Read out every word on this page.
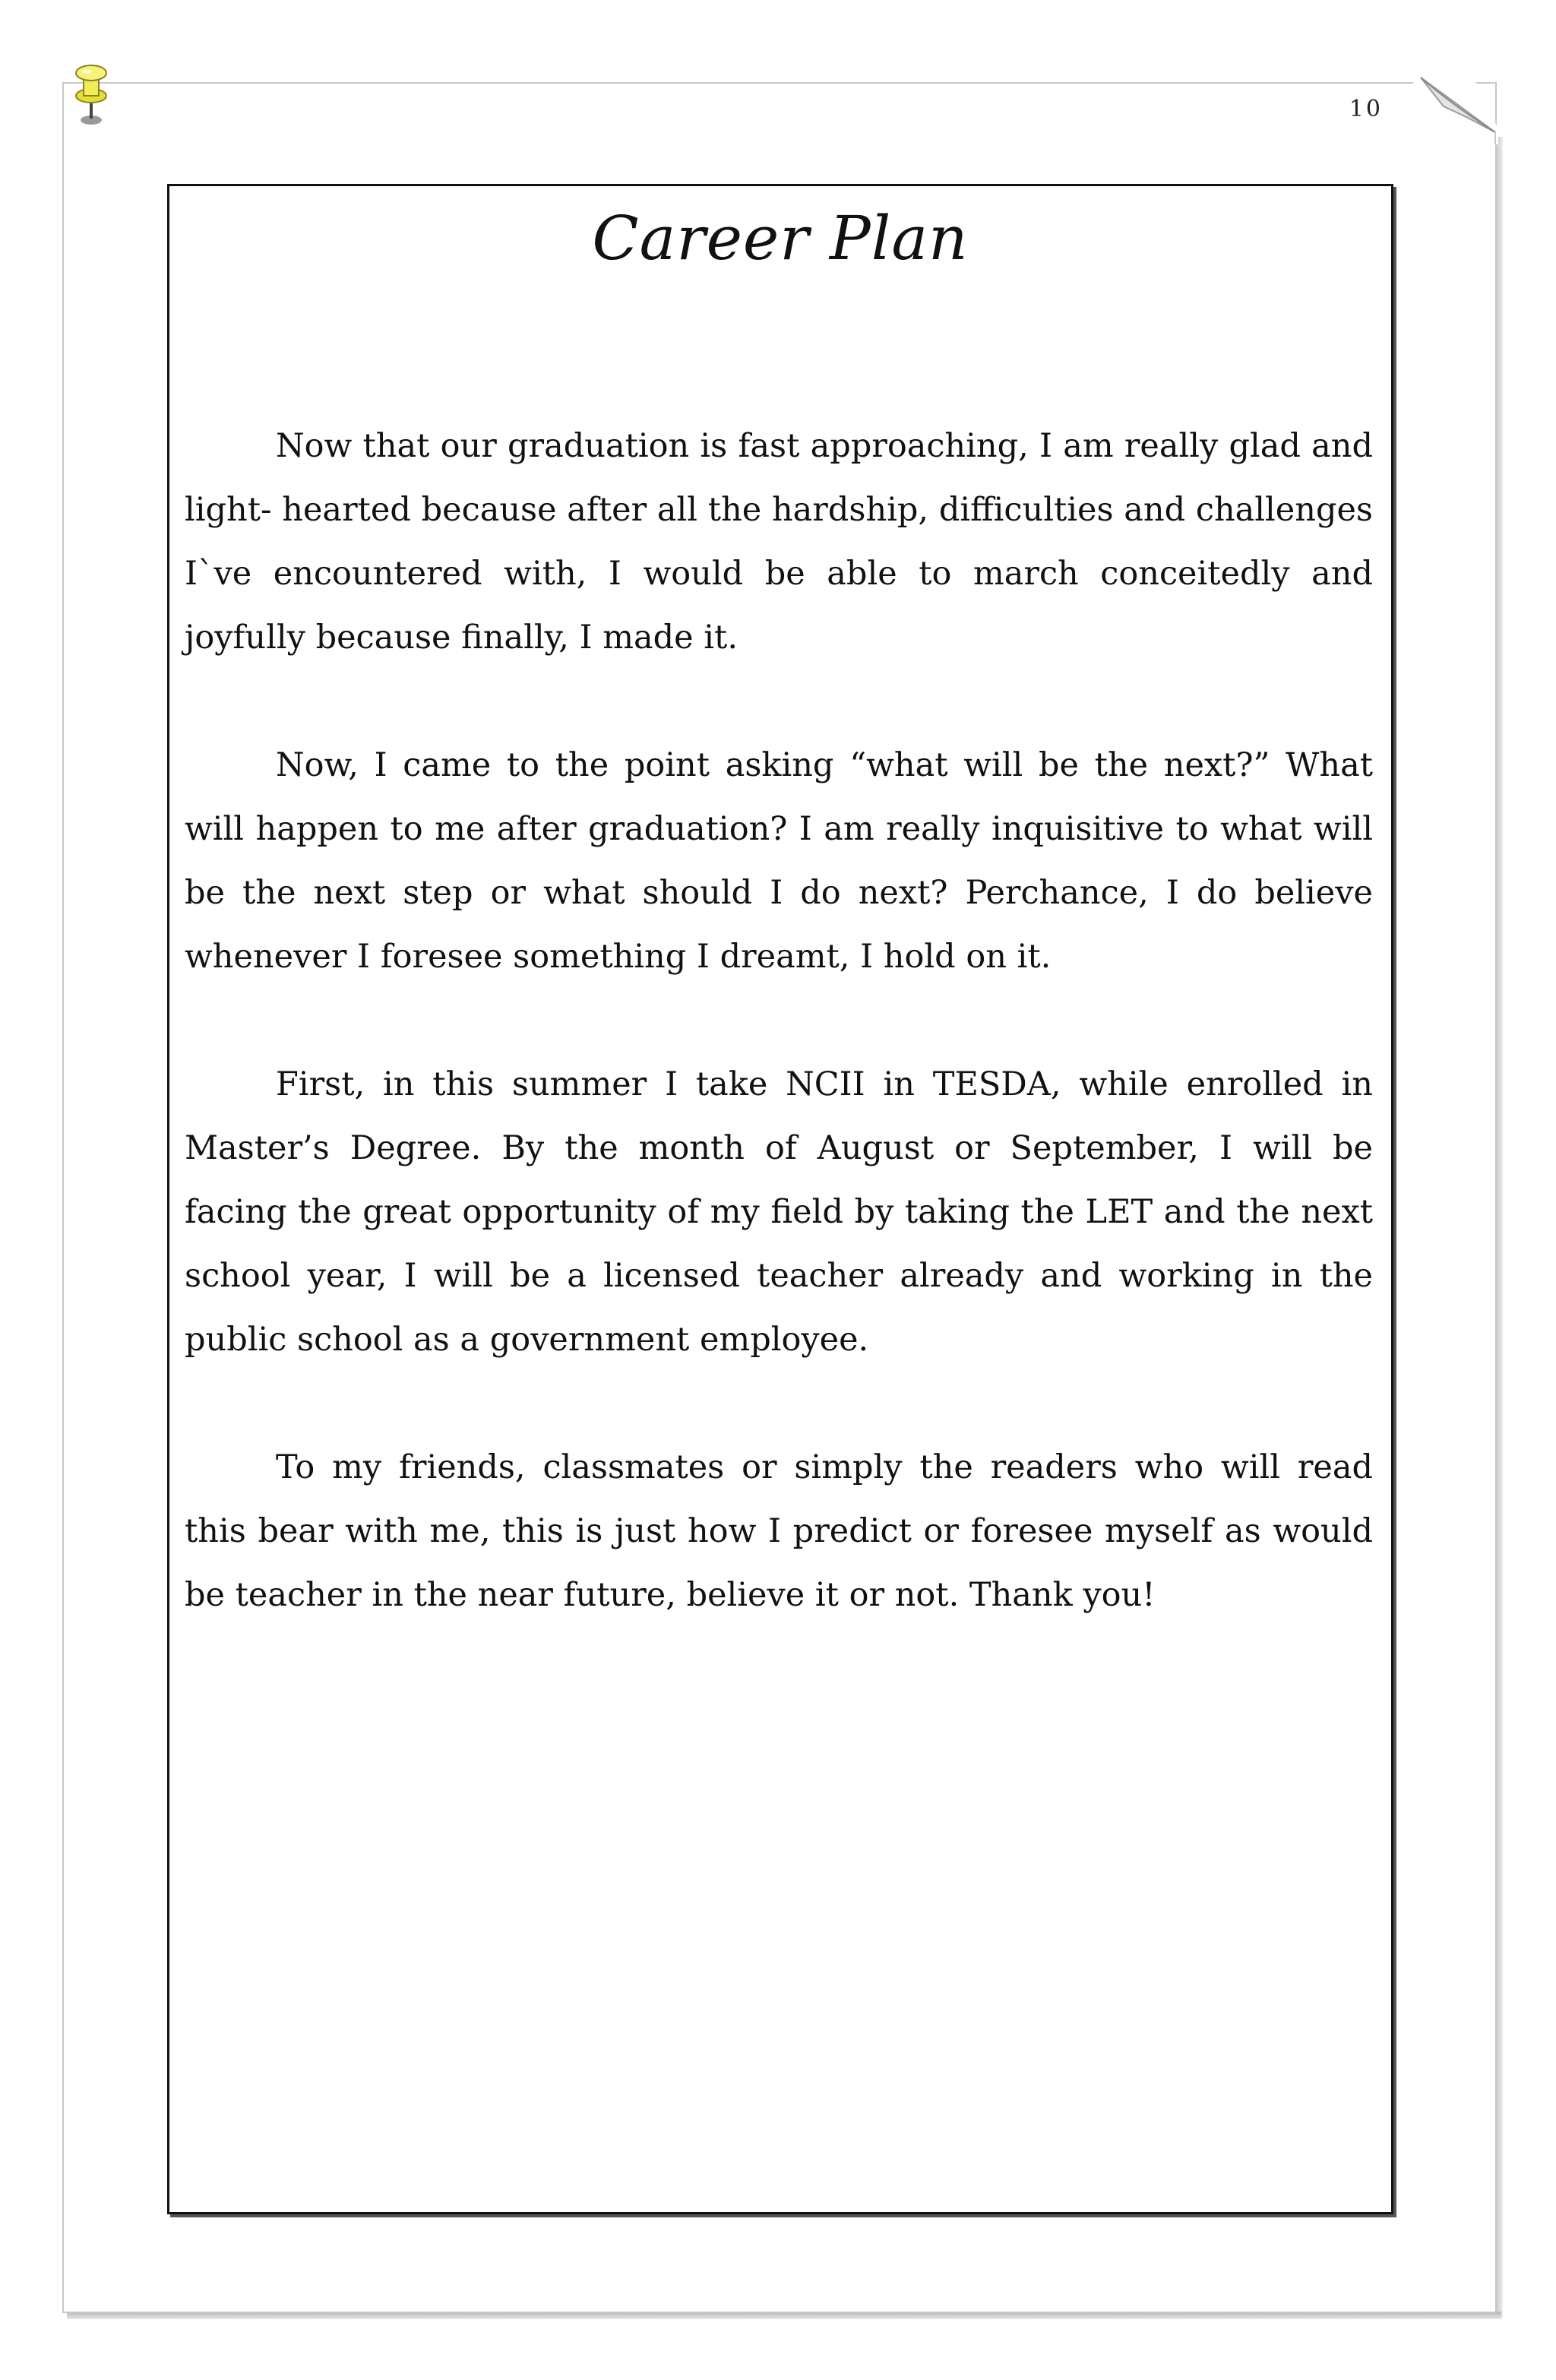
10
Career Plan

Now that our graduation is fast approaching, I am really glad and light- hearted because after all the hardship, difficulties and challenges I`ve encountered with, I would be able to march conceitedly and joyfully because finally, I made it.

Now, I came to the point asking “what will be the next?” What will happen to me after graduation? I am really inquisitive to what will be the next step or what should I do next? Perchance, I do believe whenever I foresee something I dreamt, I hold on it.

First, in this summer I take NCII in TESDA, while enrolled in Master’s Degree. By the month of August or September, I will be facing the great opportunity of my field by taking the LET and the next school year, I will be a licensed teacher already and working in the public school as a government employee.

To my friends, classmates or simply the readers who will read this bear with me, this is just how I predict or foresee myself as would be teacher in the near future, believe it or not. Thank you!
